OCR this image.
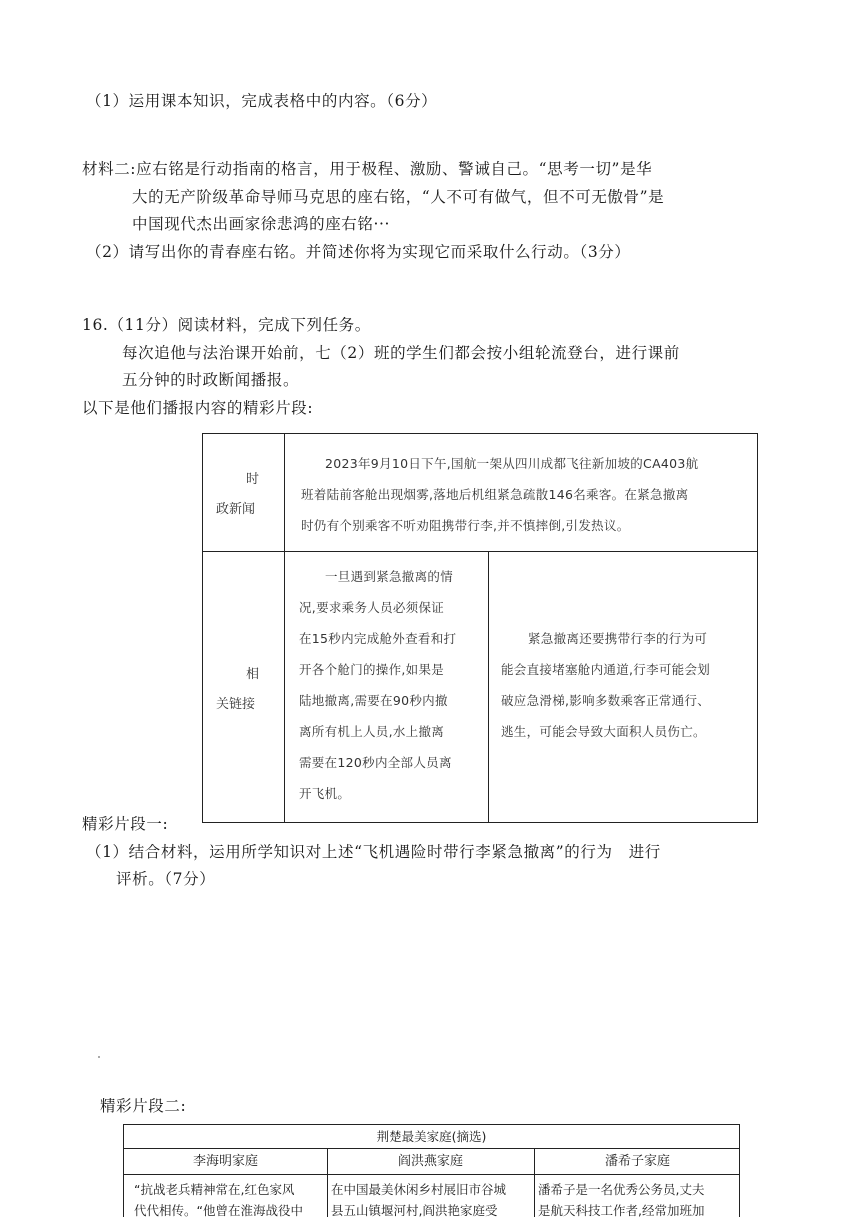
（1）运用课本知识，完成表格中的内容。（6分）
材料二:应右铭是行动指南的格言，用于极程、激励、警诫自己。“思考一切”是华
大的无产阶级革命导师马克思的座右铭，“人不可有做气，但不可无傲骨”是
中国现代杰出画家徐悲鸿的座右铭···
（2）请写出你的青春座右铭。并简述你将为实现它而采取什么行动。（3分）
16.（11分）阅读材料，完成下列任务。
每次追他与法治课开始前，七（2）班的学生们都会按小组轮流登台，进行课前
五分钟的时政断闻播报。
以下是他们播报内容的精彩片段:
时
政新闻
2023年9月10日下午,国航一架从四川成都飞往新加坡的CA403航
班着陆前客舱出现烟雾,落地后机组紧急疏散146名乘客。在紧急撤离
时仍有个别乘客不听劝阻携带行李,并不慎摔倒,引发热议。
相
关链接
一旦遇到紧急撤离的情
况,要求乘务人员必须保证
在15秒内完成舱外查看和打
开各个舱门的操作,如果是
陆地撤离,需要在90秒内撤
离所有机上人员,水上撤离
需要在120秒内全部人员离
开飞机。
紧急撤离还要携带行李的行为可
能会直接堵塞舱内通道,行李可能会划
破应急滑梯,影响多数乘客正常通行、
逃生，可能会导致大面积人员伤亡。
精彩片段一:
（1）结合材料，运用所学知识对上述“飞机遇险时带行李紧急撤离”的行为　进行
评析。（7分）
精彩片段二:
荆楚最美家庭(摘选)
李海明家庭	阎洪燕家庭	潘希子家庭
“抗战老兵精神常在,红色家风
代代相传。“他曾在淮海战役中
在中国最美休闲乡村展旧市谷城
县五山镇堰河村,阎洪艳家庭受
潘希子是一名优秀公务员,丈夫
是航天科技工作者,经常加班加
